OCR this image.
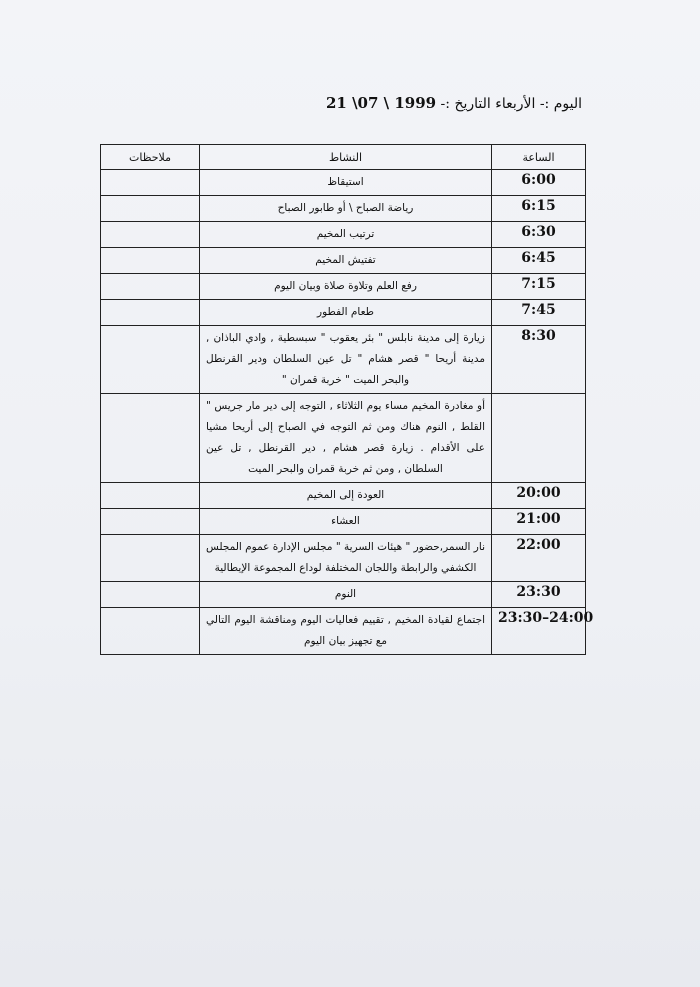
اليوم :- الأربعاء التاريخ :- 21 \07 \ 1999
الساعة	النشاط	ملاحظات
6:00	استيقاظ	
6:15	رياضة الصباح \ أو طابور الصباح	
6:30	ترتيب المخيم	
6:45	تفتيش المخيم	
7:15	رفع العلم وتلاوة صلاة وبيان اليوم	
7:45	طعام الفطور	
8:30	زيارة إلى مدينة نابلس " بئر يعقوب " سبسطية , وادي الباذان , مدينة أريحا " قصر هشام " تل عين السلطان ودير القرنطل والبحر الميت " خربة قمران "	
	أو مغادرة المخيم مساء يوم الثلاثاء , التوجه إلى دير مار جريس " القلط , النوم هناك ومن ثم التوجه في الصباح إلى أريحا مشيا على الأقدام . زيارة قصر هشام , دير القرنطل , تل عين السلطان , ومن ثم خربة قمران والبحر الميت	
20:00	العودة إلى المخيم	
21:00	العشاء	
22:00	نار السمر,حضور " هيئات السرية " مجلس الإدارة عموم المجلس الكشفي والرابطة واللجان المختلفة لوداع المجموعة الإيطالية	
23:30	النوم	
23:30–24:00	اجتماع لقيادة المخيم , تقييم فعاليات اليوم ومناقشة اليوم التالي مع تجهيز بيان اليوم	
